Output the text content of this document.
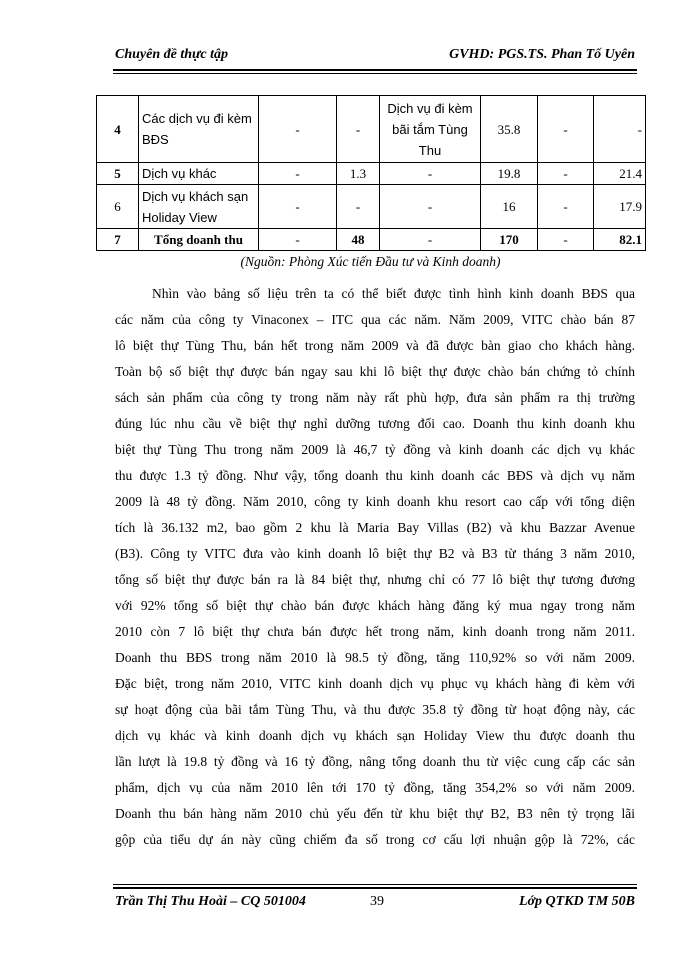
Chuyên đề thực tập	GVHD: PGS.TS. Phan Tố Uyên
4	Các dịch vụ đi kèm BĐS	-	-	Dịch vụ đi kèm bãi tắm Tùng Thu	35.8	-	-
5	Dịch vụ khác	-	1.3	-	19.8	-	21.4
6	Dịch vụ khách sạn Holiday View	-	-	-	16	-	17.9
7	Tổng doanh thu	-	48	-	170	-	82.1
(Nguồn: Phòng Xúc tiến Đầu tư và Kinh doanh)
Nhìn vào bảng số liệu trên ta có thể biết được tình hình kinh doanh BĐS qua
các năm của công ty Vinaconex – ITC qua các năm. Năm 2009, VITC chào bán 87
lô biệt thự Tùng Thu, bán hết trong năm 2009 và đã được bàn giao cho khách hàng.
Toàn bộ số biệt thự được bán ngay sau khi lô biệt thự được chào bán chứng tỏ chính
sách sản phẩm của công ty trong năm này rất phù hợp, đưa sản phẩm ra thị trường
đúng lúc nhu cầu về biệt thự nghỉ dưỡng tương đối cao. Doanh thu kinh doanh khu
biệt thự Tùng Thu trong năm 2009 là 46,7 tỷ đồng và kinh doanh các dịch vụ khác
thu được 1.3 tỷ đồng. Như vậy, tổng doanh thu kinh doanh các BĐS và dịch vụ năm
2009 là 48 tỷ đồng. Năm 2010, công ty kinh doanh khu resort cao cấp với tổng diện
tích là 36.132 m2, bao gồm 2 khu là Maria Bay Villas (B2) và khu Bazzar Avenue
(B3). Công ty VITC đưa vào kinh doanh lô biệt thự B2 và B3 từ tháng 3 năm 2010,
tổng số biệt thự được bán ra là 84 biệt thự, nhưng chỉ có 77 lô biệt thự tương đương
với 92% tổng số biệt thự chào bán được khách hàng đăng ký mua ngay trong năm
2010 còn 7 lô biệt thự chưa bán được hết trong năm, kinh doanh trong năm 2011.
Doanh thu BĐS trong năm 2010 là 98.5 tỷ đồng, tăng 110,92% so với năm 2009.
Đặc biệt, trong năm 2010, VITC kinh doanh dịch vụ phục vụ khách hàng đi kèm với
sự hoạt động của bãi tắm Tùng Thu, và thu được 35.8 tỷ đồng từ hoạt động này, các
dịch vụ khác và kinh doanh dịch vụ khách sạn Holiday View thu được doanh thu
lần lượt là 19.8 tỷ đồng và 16 tỷ đồng, nâng tổng doanh thu từ việc cung cấp các sản
phẩm, dịch vụ của năm 2010 lên tới 170 tỷ đồng, tăng 354,2% so với năm 2009.
Doanh thu bán hàng năm 2010 chủ yếu đến từ khu biệt thự B2, B3 nên tỷ trọng lãi
gộp của tiểu dự án này cũng chiếm đa số trong cơ cấu lợi nhuận gộp là 72%, các
Trần Thị Thu Hoài – CQ 501004	39	Lớp QTKD TM 50B
